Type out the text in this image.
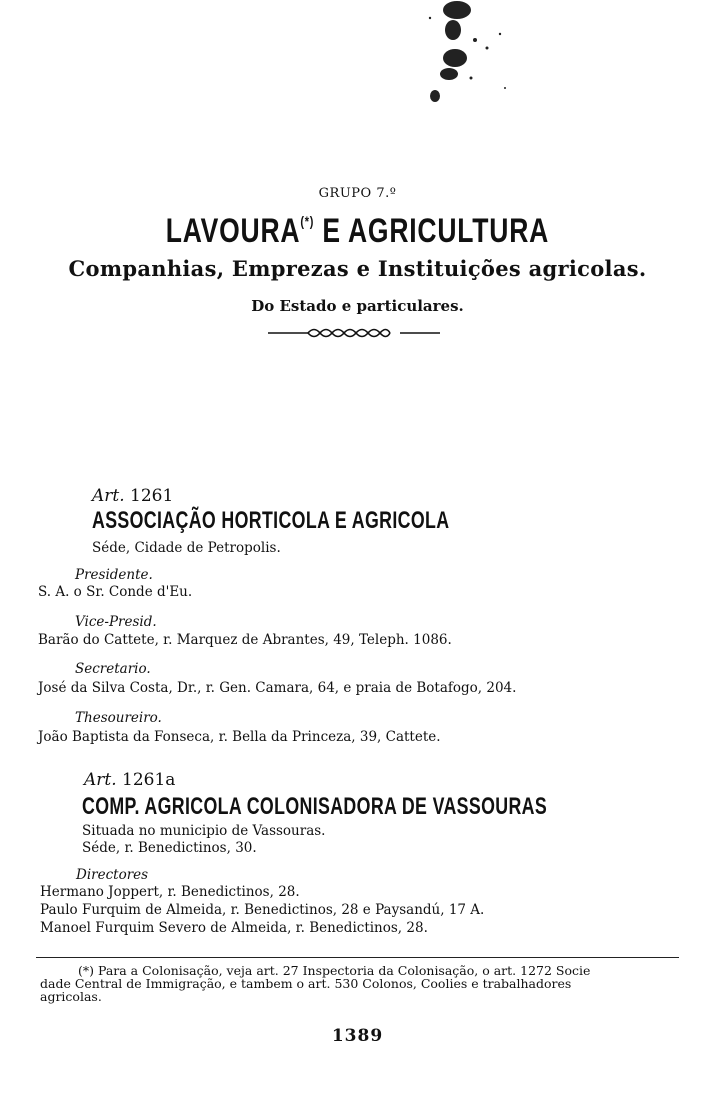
GRUPO 7.º
LAVOURA(*) E AGRICULTURA
Companhias, Emprezas e Instituições agricolas.
Do Estado e particulares.
Art. 1261
ASSOCIAÇÃO HORTICOLA E AGRICOLA
Séde, Cidade de Petropolis.
Presidente.
S. A. o Sr. Conde d'Eu.
Vice-Presid.
Barão do Cattete, r. Marquez de Abrantes, 49, Teleph. 1086.
Secretario.
José da Silva Costa, Dr., r. Gen. Camara, 64, e praia de Botafogo, 204.
Thesoureiro.
João Baptista da Fonseca, r. Bella da Princeza, 39, Cattete.
Art. 1261a
COMP. AGRICOLA COLONISADORA DE VASSOURAS
Situada no municipio de Vassouras.
Séde, r. Benedictinos, 30.
Directores
Hermano Joppert, r. Benedictinos, 28.
Paulo Furquim de Almeida, r. Benedictinos, 28 e Paysandú, 17 A.
Manoel Furquim Severo de Almeida, r. Benedictinos, 28.
(*) Para a Colonisação, veja art. 27 Inspectoria da Colonisação, o art. 1272 Socie
dade Central de Immigração, e tambem o art. 530 Colonos, Coolies e trabalhadores
agricolas.
1389
